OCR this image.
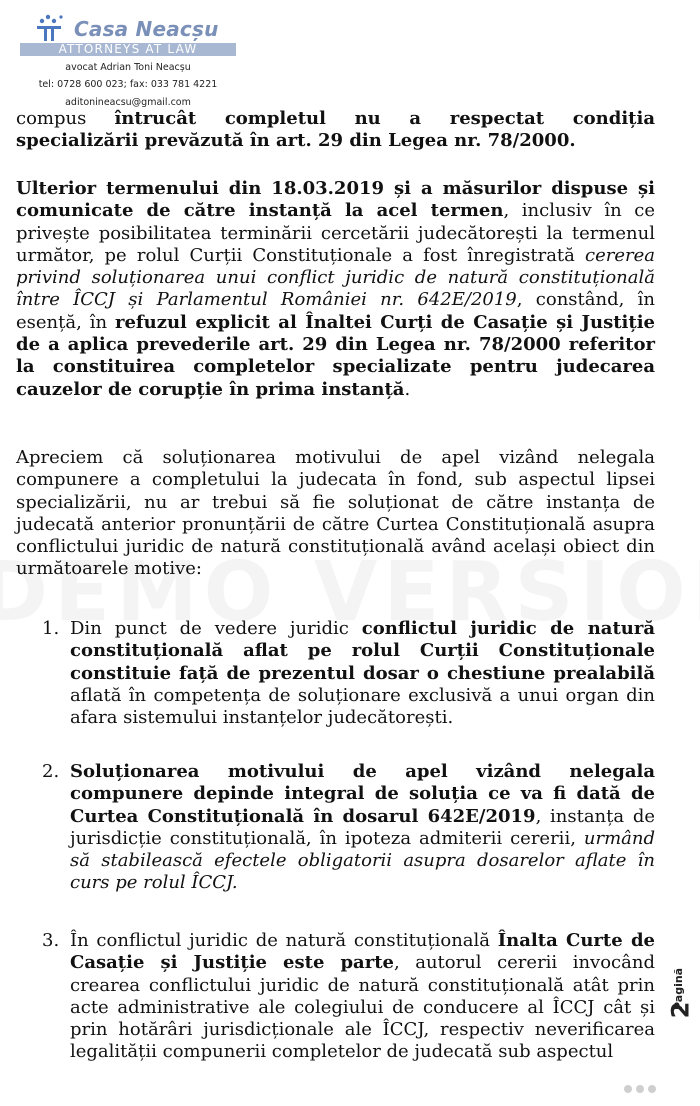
Casa Neacșu
ATTORNEYS AT LAW
avocat Adrian Toni Neacșu
tel: 0728 600 023; fax: 033 781 4221
aditonineacsu@gmail.com
compus întrucât completul nu a respectat condiția
specializării prevăzută în art. 29 din Legea nr. 78/2000.
Ulterior termenului din 18.03.2019 și a măsurilor dispuse și comunicate de către instanță la acel termen, inclusiv în ce privește posibilitatea terminării cercetării judecătorești la termenul următor, pe rolul Curții Constituționale a fost înregistrată cererea privind soluționarea unui conflict juridic de natură constituțională între ÎCCJ și Parlamentul României nr. 642E/2019, constând, în esență, în refuzul explicit al Înaltei Curți de Casație și Justiție de a aplica prevederile art. 29 din Legea nr. 78/2000 referitor la constituirea completelor specializate pentru judecarea cauzelor de corupție în prima instanță.
Apreciem că soluționarea motivului de apel vizând nelegala compunere a completului la judecata în fond, sub aspectul lipsei specializării, nu ar trebui să fie soluționat de către instanța de judecată anterior pronunțării de către Curtea Constituțională asupra conflictului juridic de natură constituțională având același obiect din următoarele motive:
1. Din punct de vedere juridic conflictul juridic de natură constituțională aflat pe rolul Curții Constituționale constituie față de prezentul dosar o chestiune prealabilă aflată în competența de soluționare exclusivă a unui organ din afara sistemului instanțelor judecătorești.
2. Soluționarea motivului de apel vizând nelegala compunere depinde integral de soluția ce va fi dată de Curtea Constituțională în dosarul 642E/2019, instanța de jurisdicție constituțională, în ipoteza admiterii cererii, urmând să stabilească efectele obligatorii asupra dosarelor aflate în curs pe rolul ÎCCJ.
3. În conflictul juridic de natură constituțională Înalta Curte de Casație și Justiție este parte, autorul cererii invocând crearea conflictului juridic de natură constituțională atât prin acte administrative ale colegiului de conducere al ÎCCJ cât și prin hotărâri jurisdicționale ale ÎCCJ, respectiv neverificarea legalității compunerii completelor de judecată sub aspectul
Pagină
2
